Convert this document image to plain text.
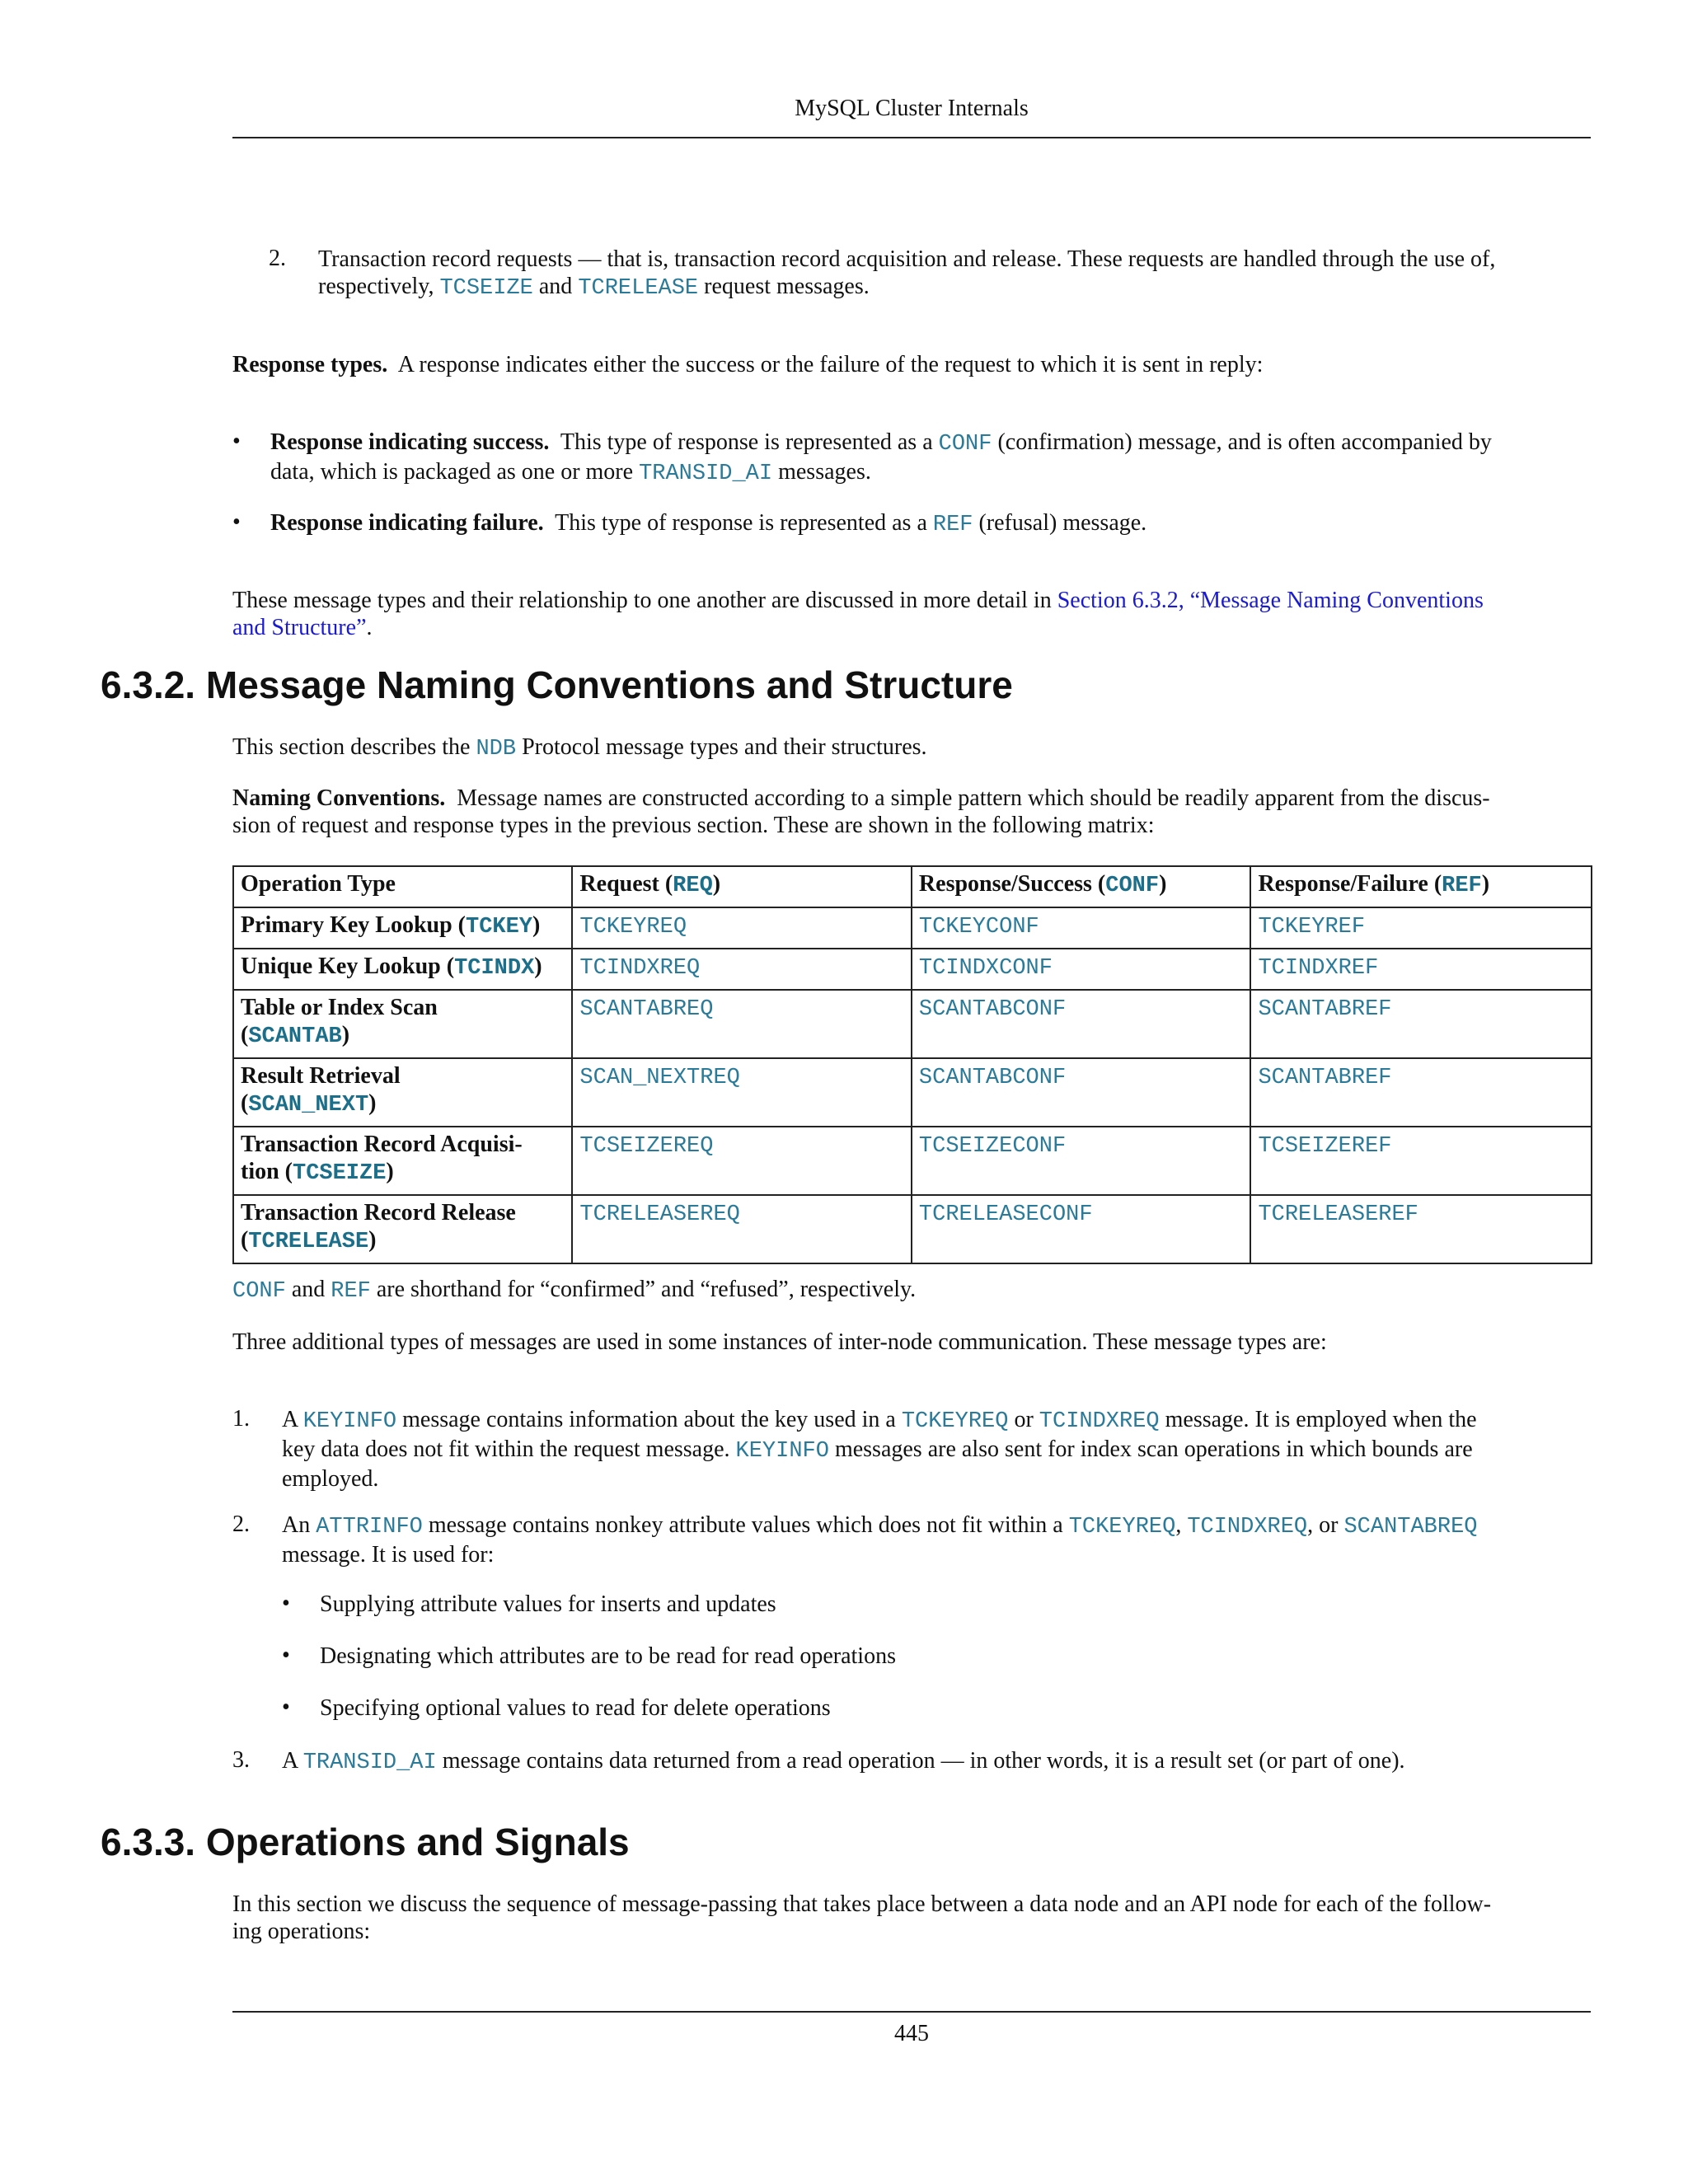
MySQL Cluster Internals
2. Transaction record requests — that is, transaction record acquisition and release. These requests are handled through the use of,
respectively, TCSEIZE and TCRELEASE request messages.
Response types. A response indicates either the success or the failure of the request to which it is sent in reply:
• Response indicating success. This type of response is represented as a CONF (confirmation) message, and is often accompanied by
data, which is packaged as one or more TRANSID_AI messages.
• Response indicating failure. This type of response is represented as a REF (refusal) message.
These message types and their relationship to one another are discussed in more detail in Section 6.3.2, “Message Naming Conventions
and Structure”.
6.3.2. Message Naming Conventions and Structure
This section describes the NDB Protocol message types and their structures.
Naming Conventions. Message names are constructed according to a simple pattern which should be readily apparent from the discus-
sion of request and response types in the previous section. These are shown in the following matrix:
Operation Type	Request (REQ)	Response/Success (CONF)	Response/Failure (REF)
Primary Key Lookup (TCKEY)	TCKEYREQ	TCKEYCONF	TCKEYREF
Unique Key Lookup (TCINDX)	TCINDXREQ	TCINDXCONF	TCINDXREF

Table or Index Scan
(SCANTAB)	SCANTABREQ	SCANTABCONF	SCANTABREF

Result Retrieval
(SCAN_NEXT)	SCAN_NEXTREQ	SCANTABCONF	SCANTABREF

Transaction Record Acquisi-
tion (TCSEIZE)	TCSEIZEREQ	TCSEIZECONF	TCSEIZEREF

Transaction Record Release
(TCRELEASE)	TCRELEASEREQ	TCRELEASECONF	TCRELEASEREF
CONF and REF are shorthand for “confirmed” and “refused”, respectively.
Three additional types of messages are used in some instances of inter-node communication. These message types are:
1. A KEYINFO message contains information about the key used in a TCKEYREQ or TCINDXREQ message. It is employed when the
key data does not fit within the request message. KEYINFO messages are also sent for index scan operations in which bounds are
employed.
2. An ATTRINFO message contains nonkey attribute values which does not fit within a TCKEYREQ, TCINDXREQ, or SCANTABREQ
message. It is used for:
• Supplying attribute values for inserts and updates
• Designating which attributes are to be read for read operations
• Specifying optional values to read for delete operations
3. A TRANSID_AI message contains data returned from a read operation — in other words, it is a result set (or part of one).
6.3.3. Operations and Signals
In this section we discuss the sequence of message-passing that takes place between a data node and an API node for each of the follow-
ing operations:
445
